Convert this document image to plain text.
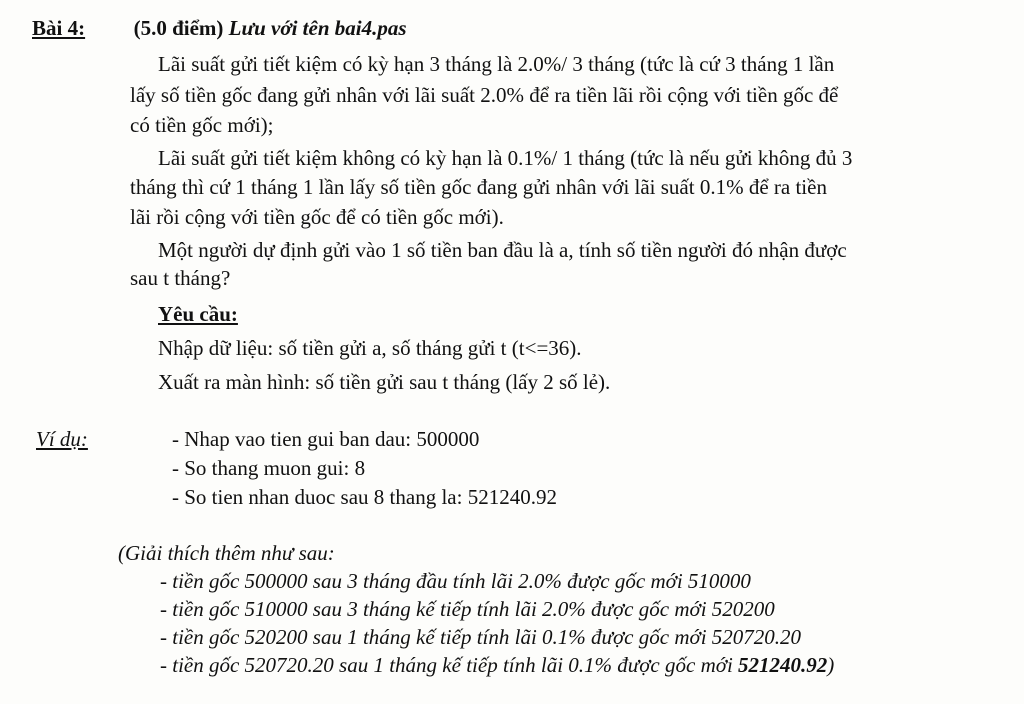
Bài 4: (5.0 điểm) Lưu với tên bai4.pas
Lãi suất gửi tiết kiệm có kỳ hạn 3 tháng là 2.0%/ 3 tháng (tức là cứ 3 tháng 1 lần
lấy số tiền gốc đang gửi nhân với lãi suất 2.0% để ra tiền lãi rồi cộng với tiền gốc để
có tiền gốc mới);
Lãi suất gửi tiết kiệm không có kỳ hạn là 0.1%/ 1 tháng (tức là nếu gửi không đủ 3
tháng thì cứ 1 tháng 1 lần lấy số tiền gốc đang gửi nhân với lãi suất 0.1% để ra tiền
lãi rồi cộng với tiền gốc để có tiền gốc mới).
Một người dự định gửi vào 1 số tiền ban đầu là a, tính số tiền người đó nhận được
sau t tháng?
Yêu cầu:
Nhập dữ liệu: số tiền gửi a, số tháng gửi t (t<=36).
Xuất ra màn hình: số tiền gửi sau t tháng (lấy 2 số lẻ).
Ví dụ:	- Nhap vao tien gui ban dau: 500000
- So thang muon gui: 8
- So tien nhan duoc sau 8 thang la: 521240.92
(Giải thích thêm như sau:
- tiền gốc 500000 sau 3 tháng đầu tính lãi 2.0% được gốc mới 510000
- tiền gốc 510000 sau 3 tháng kế tiếp tính lãi 2.0% được gốc mới 520200
- tiền gốc 520200 sau 1 tháng kế tiếp tính lãi 0.1% được gốc mới 520720.20
- tiền gốc 520720.20 sau 1 tháng kế tiếp tính lãi 0.1% được gốc mới 521240.92)
